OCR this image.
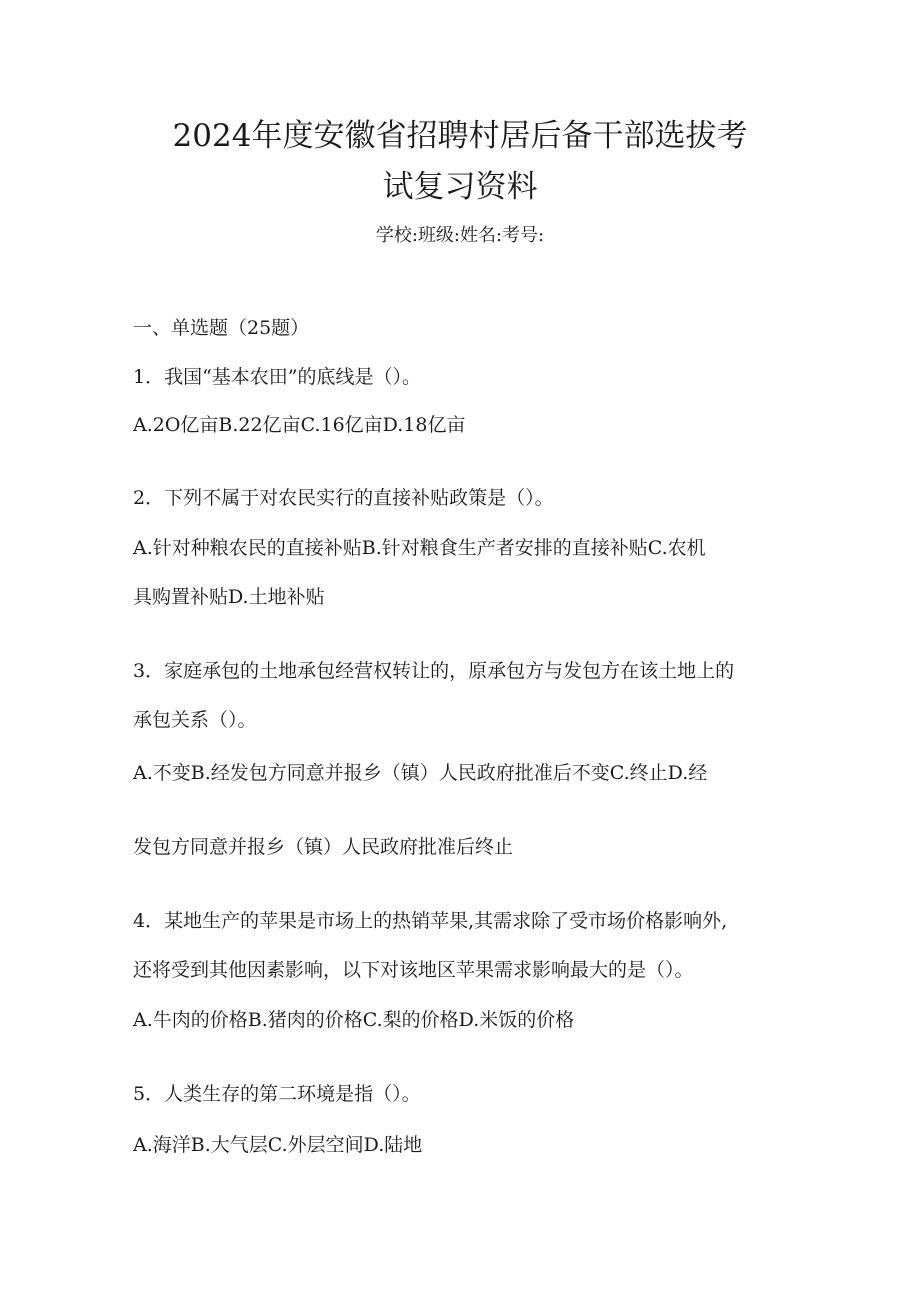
2024年度安徽省招聘村居后备干部选拔考
试复习资料
学校:班级:姓名:考号:
一、单选题（25题）
1．我国“基本农田”的底线是（）。
A.2O亿亩B.22亿亩C.16亿亩D.18亿亩
2．下列不属于对农民实行的直接补贴政策是（）。
A.针对种粮农民的直接补贴B.针对粮食生产者安排的直接补贴C.农机
具购置补贴D.土地补贴
3．家庭承包的土地承包经营权转让的，原承包方与发包方在该土地上的
承包关系（）。
A.不变B.经发包方同意并报乡（镇）人民政府批准后不变C.终止D.经
发包方同意并报乡（镇）人民政府批准后终止
4．某地生产的苹果是市场上的热销苹果,其需求除了受市场价格影响外,
还将受到其他因素影响，以下对该地区苹果需求影响最大的是（）。
A.牛肉的价格B.猪肉的价格C.梨的价格D.米饭的价格
5．人类生存的第二环境是指（）。
A.海洋B.大气层C.外层空间D.陆地
